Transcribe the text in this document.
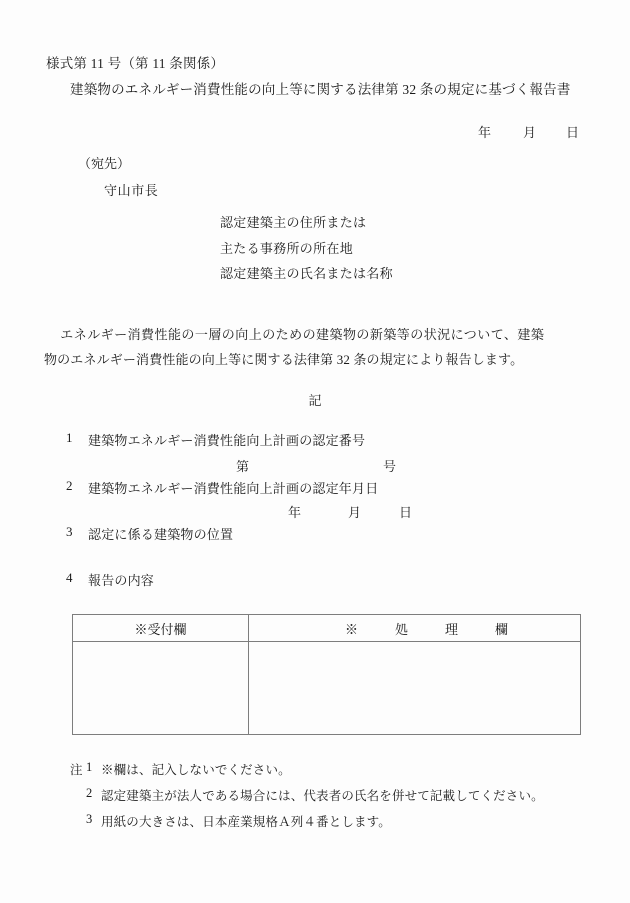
様式第 11 号（第 11 条関係）
建築物のエネルギー消費性能の向上等に関する法律第 32 条の規定に基づく報告書
年 月 日
（宛先）
守山市長
認定建築主の住所または
主たる事務所の所在地
認定建築主の氏名または名称
エネルギー消費性能の一層の向上のための建築物の新築等の状況について、建築物のエネルギー消費性能の向上等に関する法律第 32 条の規定により報告します。
記
1 建築物エネルギー消費性能向上計画の認定番号
第	号
2 建築物エネルギー消費性能向上計画の認定年月日
年	月	日
3 認定に係る建築物の位置
4 報告の内容
※受付欄	※　処　理　欄

注 1 ※欄は、記入しないでください。
2 認定建築主が法人である場合には、代表者の氏名を併せて記載してください。
3 用紙の大きさは、日本産業規格Ａ列４番とします。
